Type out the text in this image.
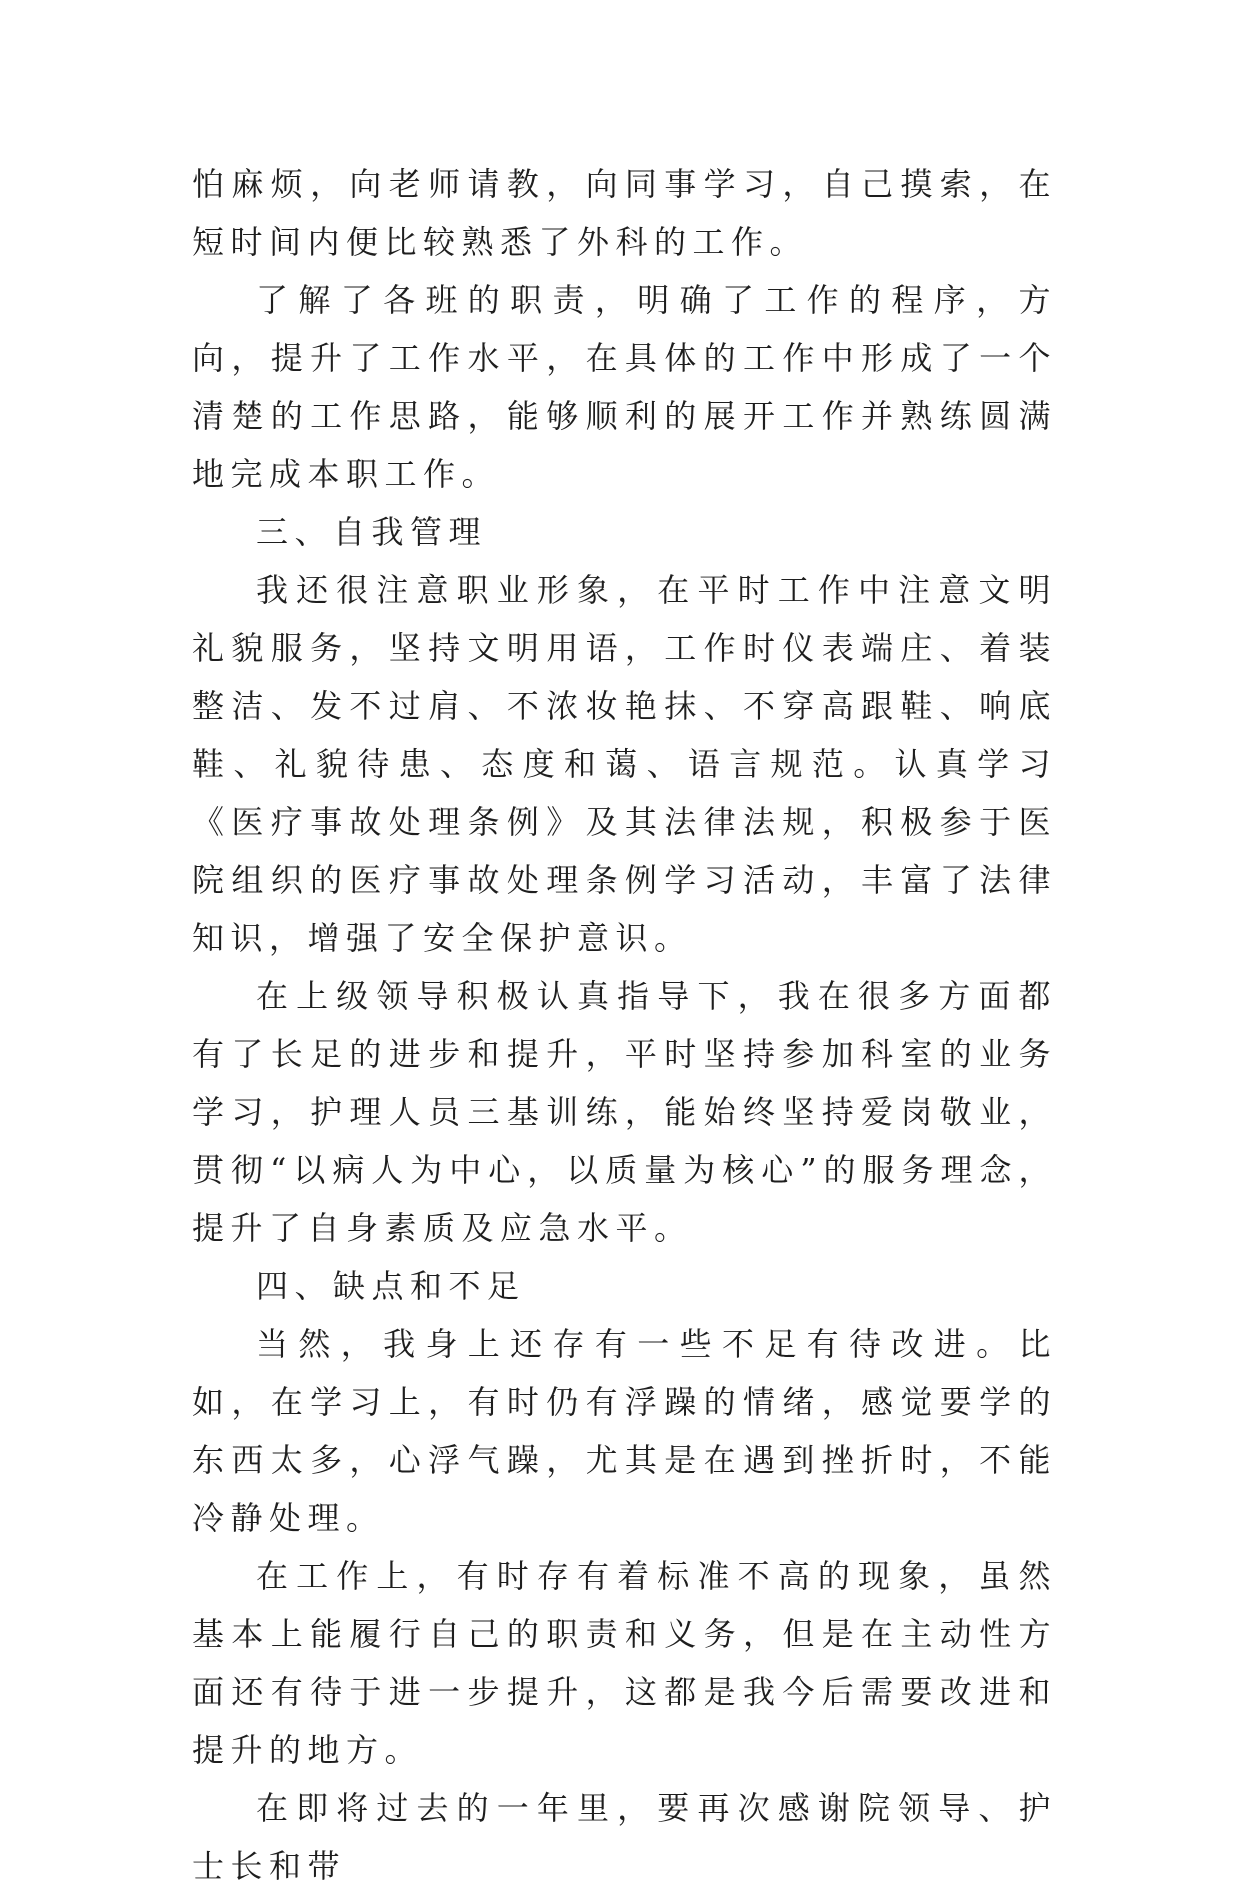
怕麻烦，向老师请教，向同事学习，自己摸索，在短时间内便比较熟悉了外科的工作。

了解了各班的职责，明确了工作的程序，方向，提升了工作水平，在具体的工作中形成了一个清楚的工作思路，能够顺利的展开工作并熟练圆满地完成本职工作。

三、自我管理

我还很注意职业形象，在平时工作中注意文明礼貌服务，坚持文明用语，工作时仪表端庄、着装整洁、发不过肩、不浓妆艳抹、不穿高跟鞋、响底鞋、礼貌待患、态度和蔼、语言规范。认真学习《医疗事故处理条例》及其法律法规，积极参于医院组织的医疗事故处理条例学习活动，丰富了法律知识，增强了安全保护意识。

在上级领导积极认真指导下，我在很多方面都有了长足的进步和提升，平时坚持参加科室的业务学习，护理人员三基训练，能始终坚持爱岗敬业，贯彻“以病人为中心，以质量为核心”的服务理念，提升了自身素质及应急水平。

四、缺点和不足

当然，我身上还存有一些不足有待改进。比如，在学习上，有时仍有浮躁的情绪，感觉要学的东西太多，心浮气躁，尤其是在遇到挫折时，不能冷静处理。

在工作上，有时存有着标准不高的现象，虽然基本上能履行自己的职责和义务，但是在主动性方面还有待于进一步提升，这都是我今后需要改进和提升的地方。

在即将过去的一年里，要再次感谢院领导、护士长和带
